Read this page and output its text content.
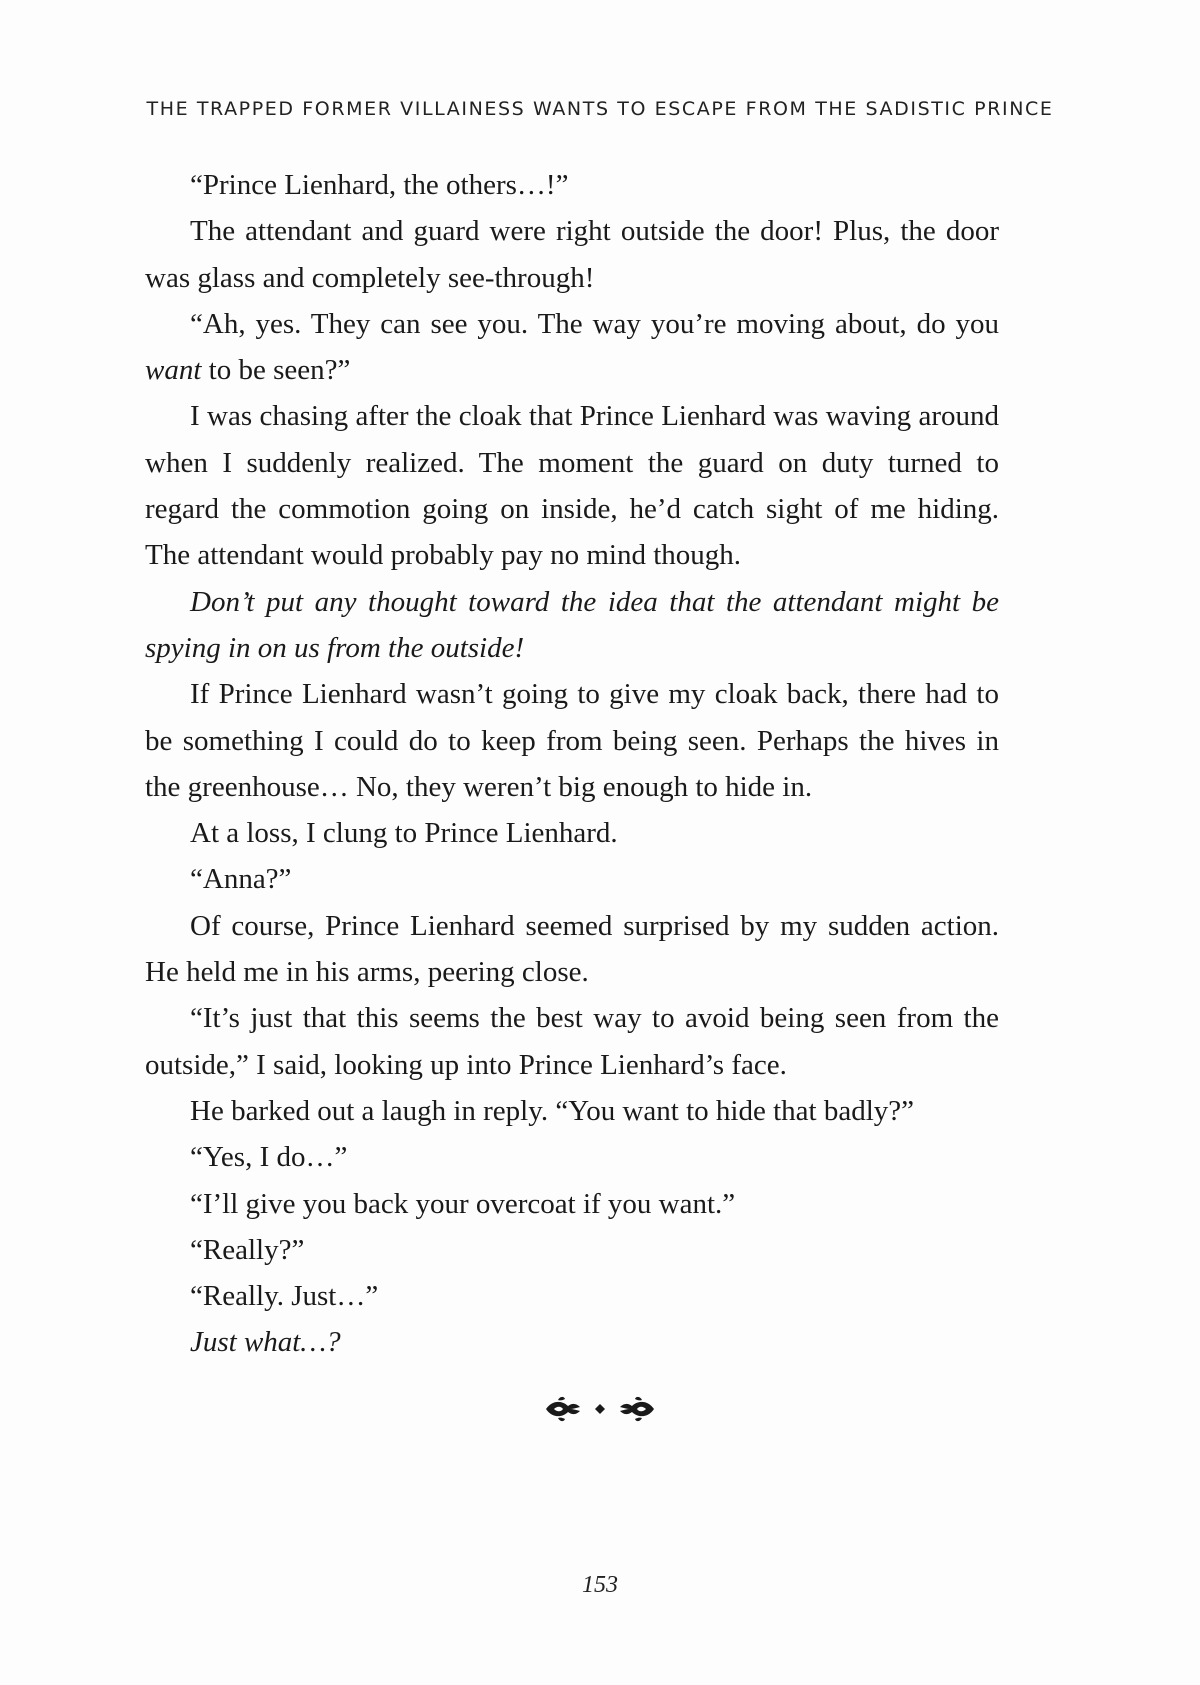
THE TRAPPED FORMER VILLAINESS WANTS TO ESCAPE FROM THE SADISTIC PRINCE

“Prince Lienhard, the others…!”

The attendant and guard were right outside the door! Plus, the door was glass and completely see-through!

“Ah, yes. They can see you. The way you’re moving about, do you want to be seen?”

I was chasing after the cloak that Prince Lienhard was waving around when I suddenly realized. The moment the guard on duty turned to regard the commotion going on inside, he’d catch sight of me hiding. The attendant would probably pay no mind though.

Don’t put any thought toward the idea that the attendant might be spying in on us from the outside!

If Prince Lienhard wasn’t going to give my cloak back, there had to be something I could do to keep from being seen. Perhaps the hives in the greenhouse… No, they weren’t big enough to hide in.

At a loss, I clung to Prince Lienhard.

“Anna?”

Of course, Prince Lienhard seemed surprised by my sudden action. He held me in his arms, peering close.

“It’s just that this seems the best way to avoid being seen from the outside,” I said, looking up into Prince Lienhard’s face.

He barked out a laugh in reply. “You want to hide that badly?”

“Yes, I do…”

“I’ll give you back your overcoat if you want.”

“Really?”

“Really. Just…”

Just what…?

153
